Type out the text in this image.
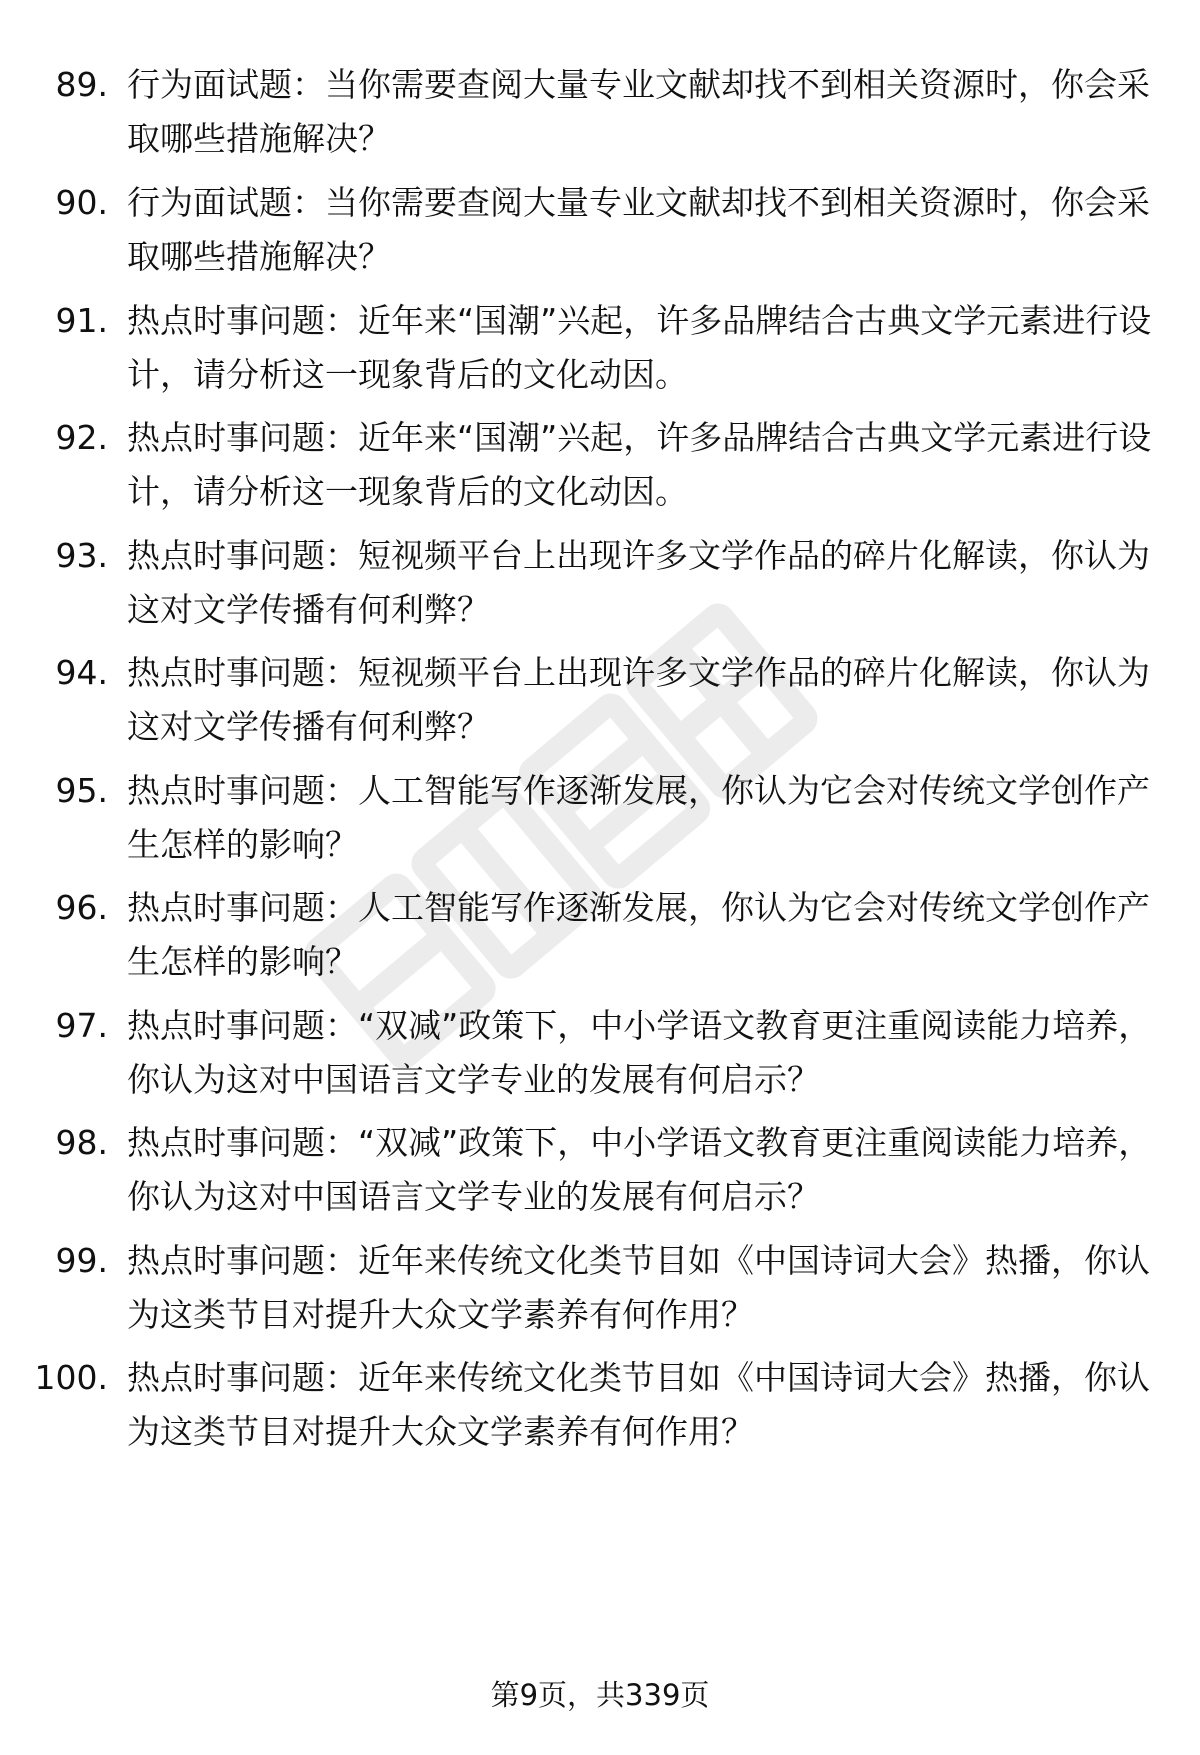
89. 行为面试题：当你需要查阅大量专业文献却找不到相关资源时，你会采取哪些措施解决？

90. 行为面试题：当你需要查阅大量专业文献却找不到相关资源时，你会采取哪些措施解决？

91. 热点时事问题：近年来“国潮”兴起，许多品牌结合古典文学元素进行设计，请分析这一现象背后的文化动因。

92. 热点时事问题：近年来“国潮”兴起，许多品牌结合古典文学元素进行设计，请分析这一现象背后的文化动因。

93. 热点时事问题：短视频平台上出现许多文学作品的碎片化解读，你认为这对文学传播有何利弊？

94. 热点时事问题：短视频平台上出现许多文学作品的碎片化解读，你认为这对文学传播有何利弊？

95. 热点时事问题：人工智能写作逐渐发展，你认为它会对传统文学创作产生怎样的影响？

96. 热点时事问题：人工智能写作逐渐发展，你认为它会对传统文学创作产生怎样的影响？

97. 热点时事问题：“双减”政策下，中小学语文教育更注重阅读能力培养，你认为这对中国语言文学专业的发展有何启示？

98. 热点时事问题：“双减”政策下，中小学语文教育更注重阅读能力培养，你认为这对中国语言文学专业的发展有何启示？

99. 热点时事问题：近年来传统文化类节目如《中国诗词大会》热播，你认为这类节目对提升大众文学素养有何作用？

100. 热点时事问题：近年来传统文化类节目如《中国诗词大会》热播，你认为这类节目对提升大众文学素养有何作用？

第9页，共339页
